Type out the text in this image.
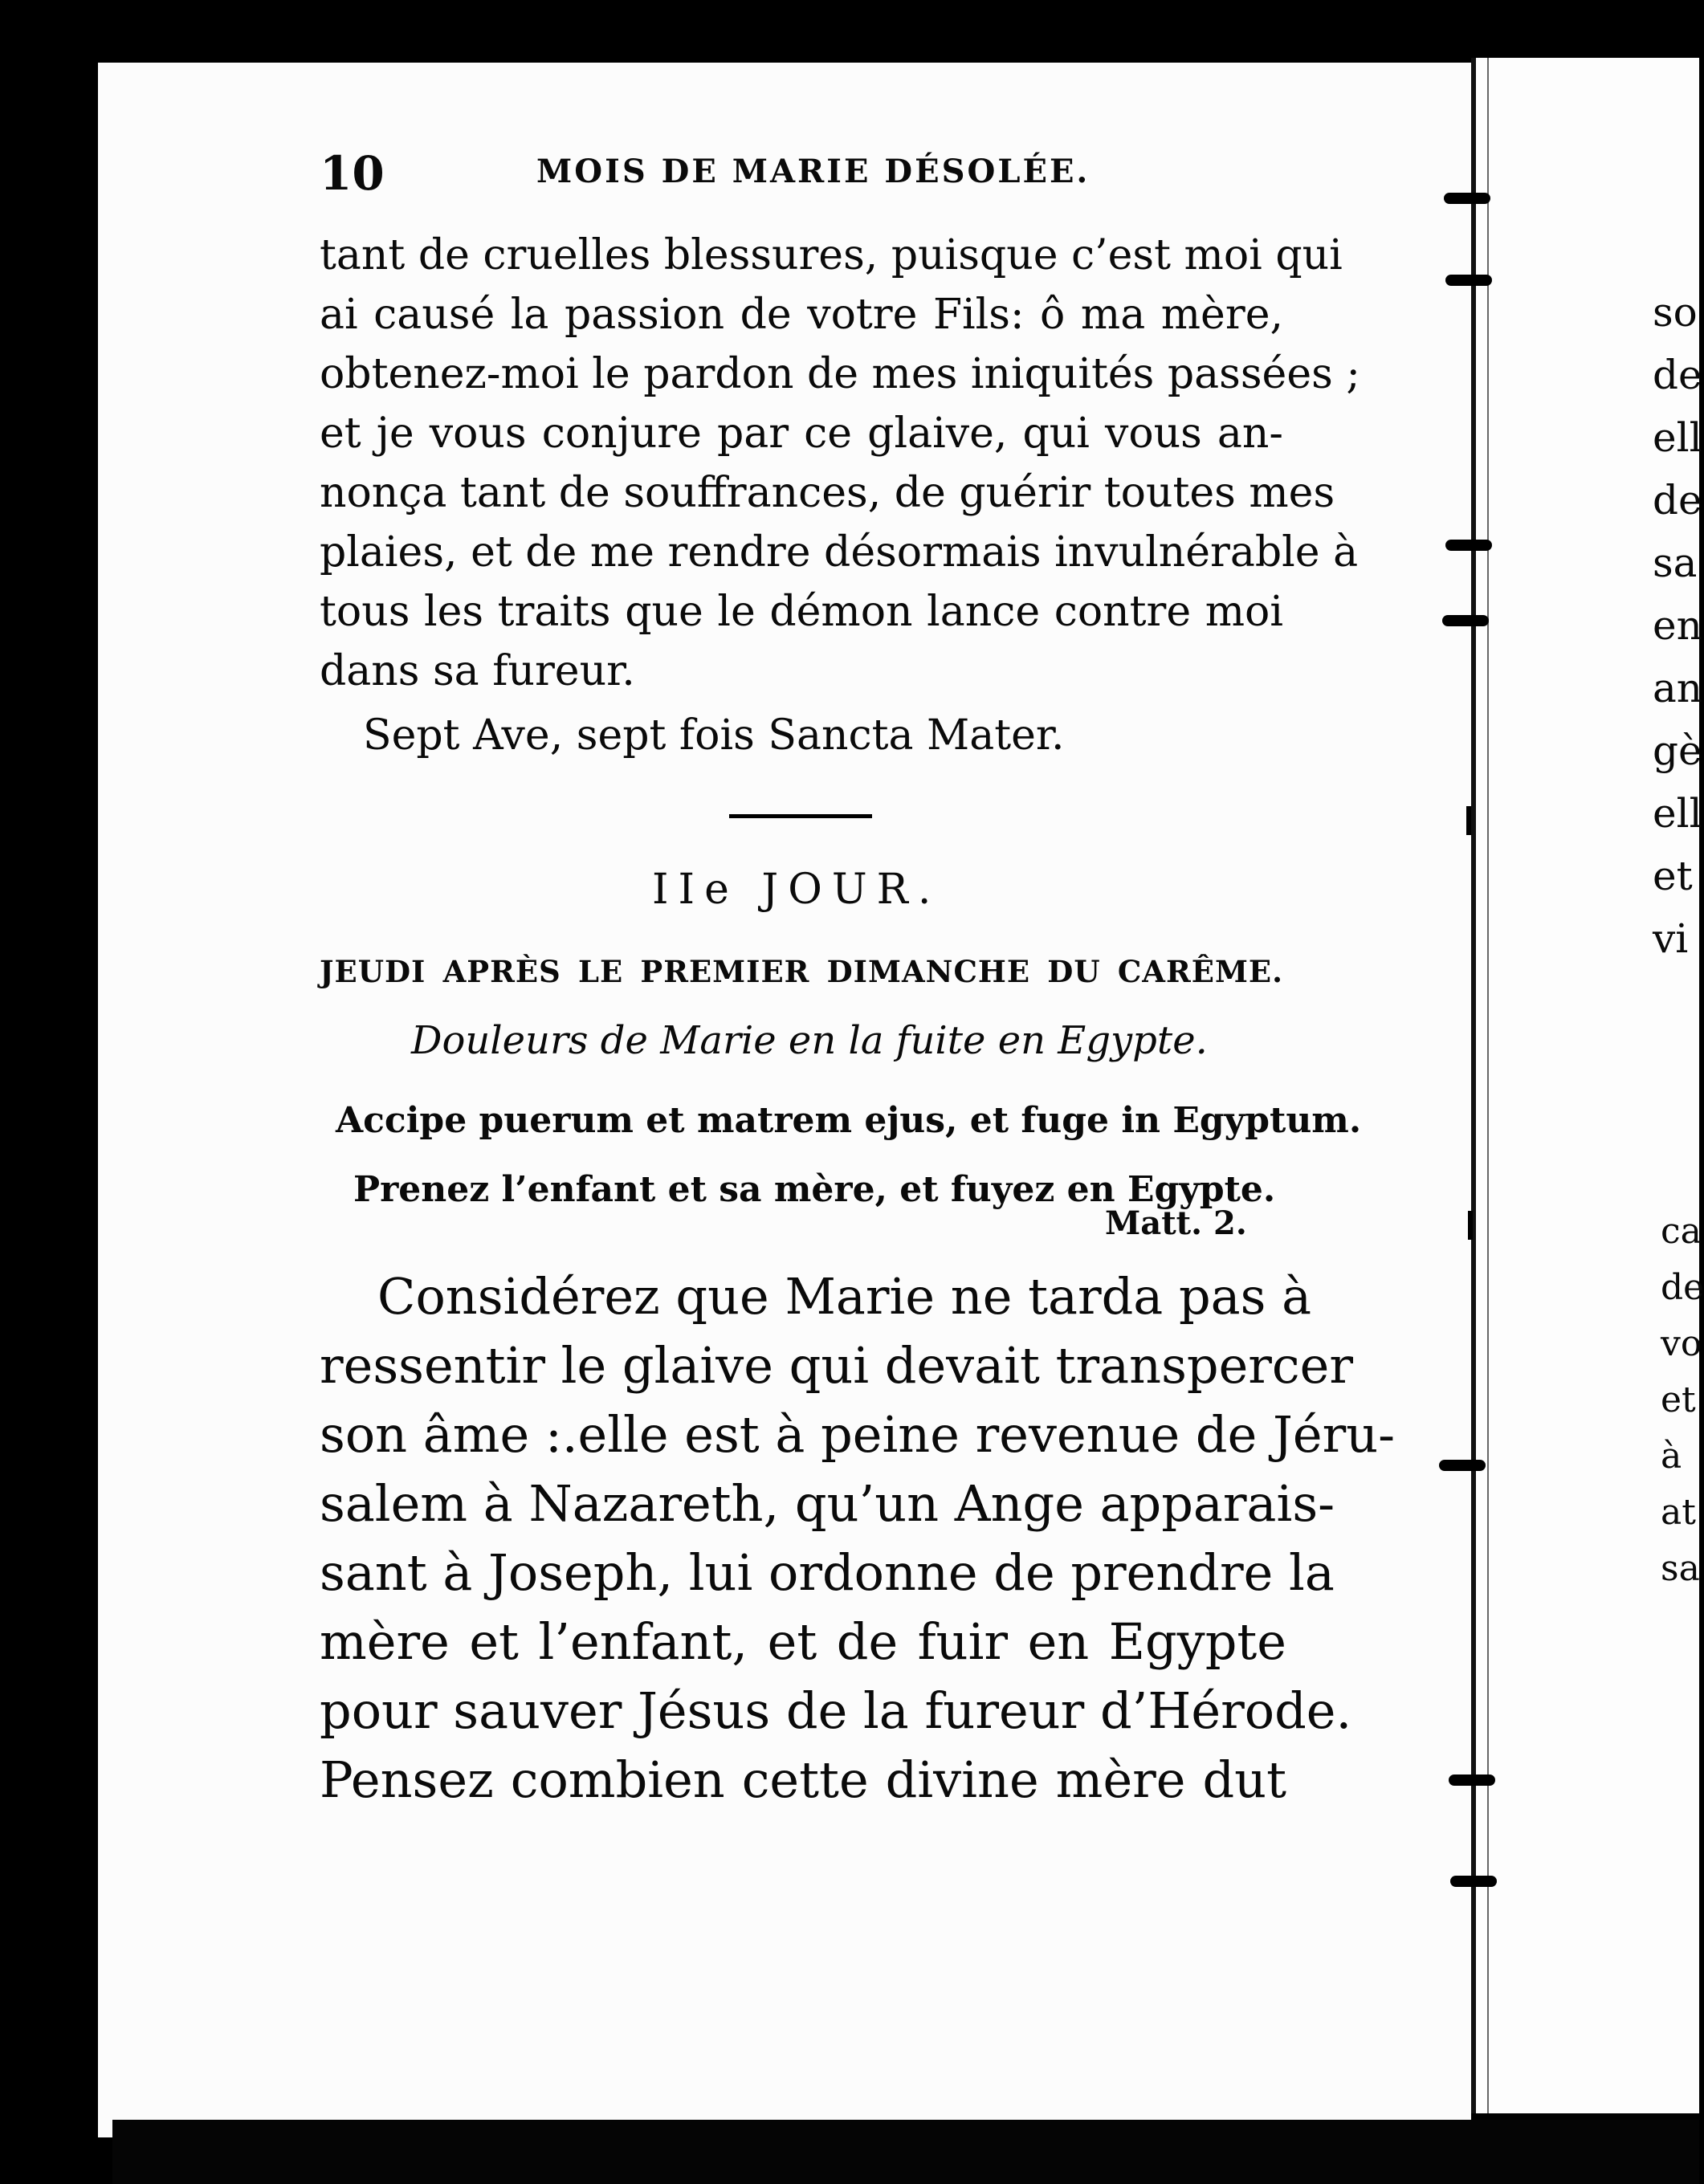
10	MOIS DE MARIE DÉSOLÉE.
tant de cruelles blessures, puisque c’est moi qui
ai causé la passion de votre Fils: ô ma mère,
obtenez-moi le pardon de mes iniquités passées ;
et je vous conjure par ce glaive, qui vous an-
nonça tant de souffrances, de guérir toutes mes
plaies, et de me rendre désormais invulnérable à
tous les traits que le démon lance contre moi
dans sa fureur.
Sept Ave, sept fois Sancta Mater.
IIe JOUR.
JEUDI APRÈS LE PREMIER DIMANCHE DU CARÊME.
Douleurs de Marie en la fuite en Egypte.
Accipe puerum et matrem ejus, et fuge in Egyptum.
Prenez l’enfant et sa mère, et fuyez en Egypte.
Matt. 2.
Considérez que Marie ne tarda pas à
ressentir le glaive qui devait transpercer
son âme :.elle est à peine revenue de Jéru-
salem à Nazareth, qu’un Ange apparais-
sant à Joseph, lui ordonne de prendre la
mère et l’enfant, et de fuir en Egypte
pour sauver Jésus de la fureur d’Hérode.
Pensez combien cette divine mère dut
so
de
ell
de
sa
en
an
gè
ell
et
vi
ca
de
vo
et
à
at
sa
